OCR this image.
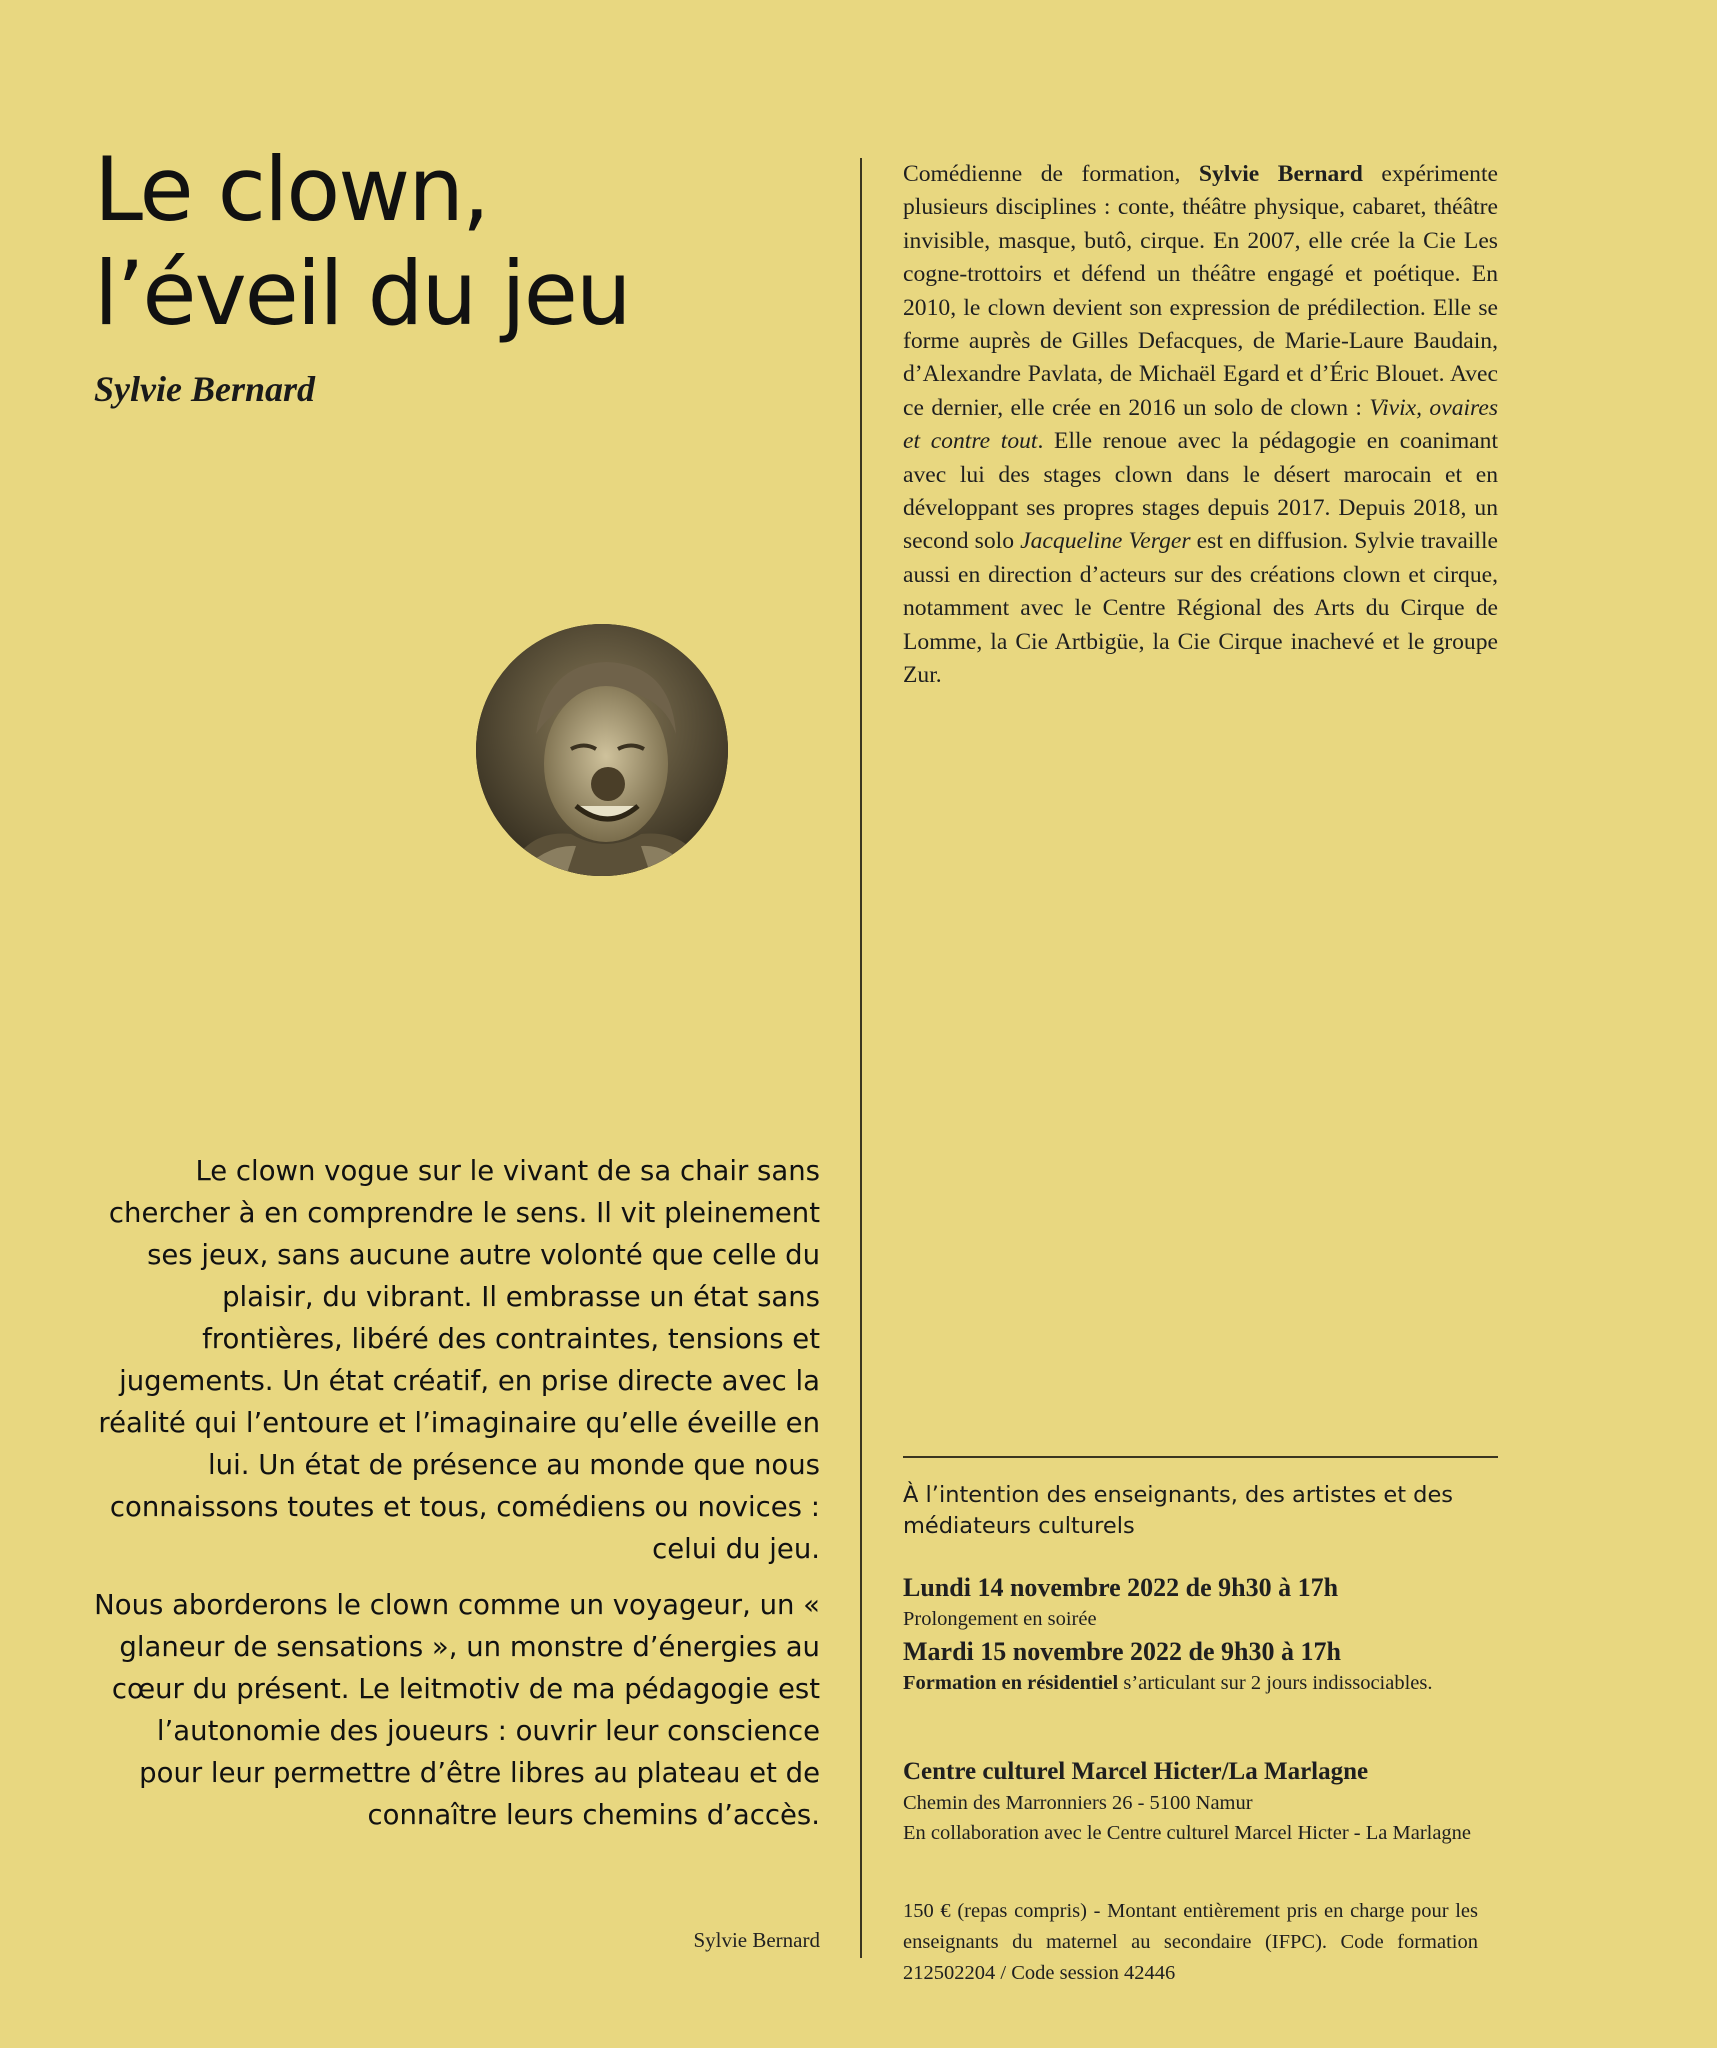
Le clown,
l’éveil du jeu
Sylvie Bernard

Le clown vogue sur le vivant de sa chair sans chercher à en comprendre le sens. Il vit pleinement ses jeux, sans aucune autre volonté que celle du plaisir, du vibrant. Il embrasse un état sans frontières, libéré des contraintes, tensions et jugements. Un état créatif, en prise directe avec la réalité qui l’entoure et l’imaginaire qu’elle éveille en lui. Un état de présence au monde que nous connaissons toutes et tous, comédiens ou novices : celui du jeu.

Nous aborderons le clown comme un voyageur, un « glaneur de sensations », un monstre d’énergies au cœur du présent. Le leitmotiv de ma pédagogie est l’autonomie des joueurs : ouvrir leur conscience pour leur permettre d’être libres au plateau et de connaître leurs chemins d’accès.

Sylvie Bernard
Comédienne de formation, Sylvie Bernard expérimente plusieurs disciplines : conte, théâtre physique, cabaret, théâtre invisible, masque, butô, cirque. En 2007, elle crée la Cie Les cogne-trottoirs et défend un théâtre engagé et poétique. En 2010, le clown devient son expression de prédilection. Elle se forme auprès de Gilles Defacques, de Marie-Laure Baudain, d’Alexandre Pavlata, de Michaël Egard et d’Éric Blouet. Avec ce dernier, elle crée en 2016 un solo de clown : Vivix, ovaires et contre tout. Elle renoue avec la pédagogie en coanimant avec lui des stages clown dans le désert marocain et en développant ses propres stages depuis 2017. Depuis 2018, un second solo Jacqueline Verger est en diffusion. Sylvie travaille aussi en direction d’acteurs sur des créations clown et cirque, notamment avec le Centre Régional des Arts du Cirque de Lomme, la Cie Artbigüe, la Cie Cirque inachevé et le groupe Zur.
À l’intention des enseignants, des artistes et des médiateurs culturels
Lundi 14 novembre 2022 de 9h30 à 17h
Prolongement en soirée
Mardi 15 novembre 2022 de 9h30 à 17h
Formation en résidentiel s’articulant sur 2 jours indissociables.
Centre culturel Marcel Hicter/La Marlagne
Chemin des Marronniers 26 - 5100 Namur
En collaboration avec le Centre culturel Marcel Hicter - La Marlagne
150 € (repas compris) - Montant entièrement pris en charge pour les enseignants du maternel au secondaire (IFPC). Code formation 212502204 / Code session 42446
